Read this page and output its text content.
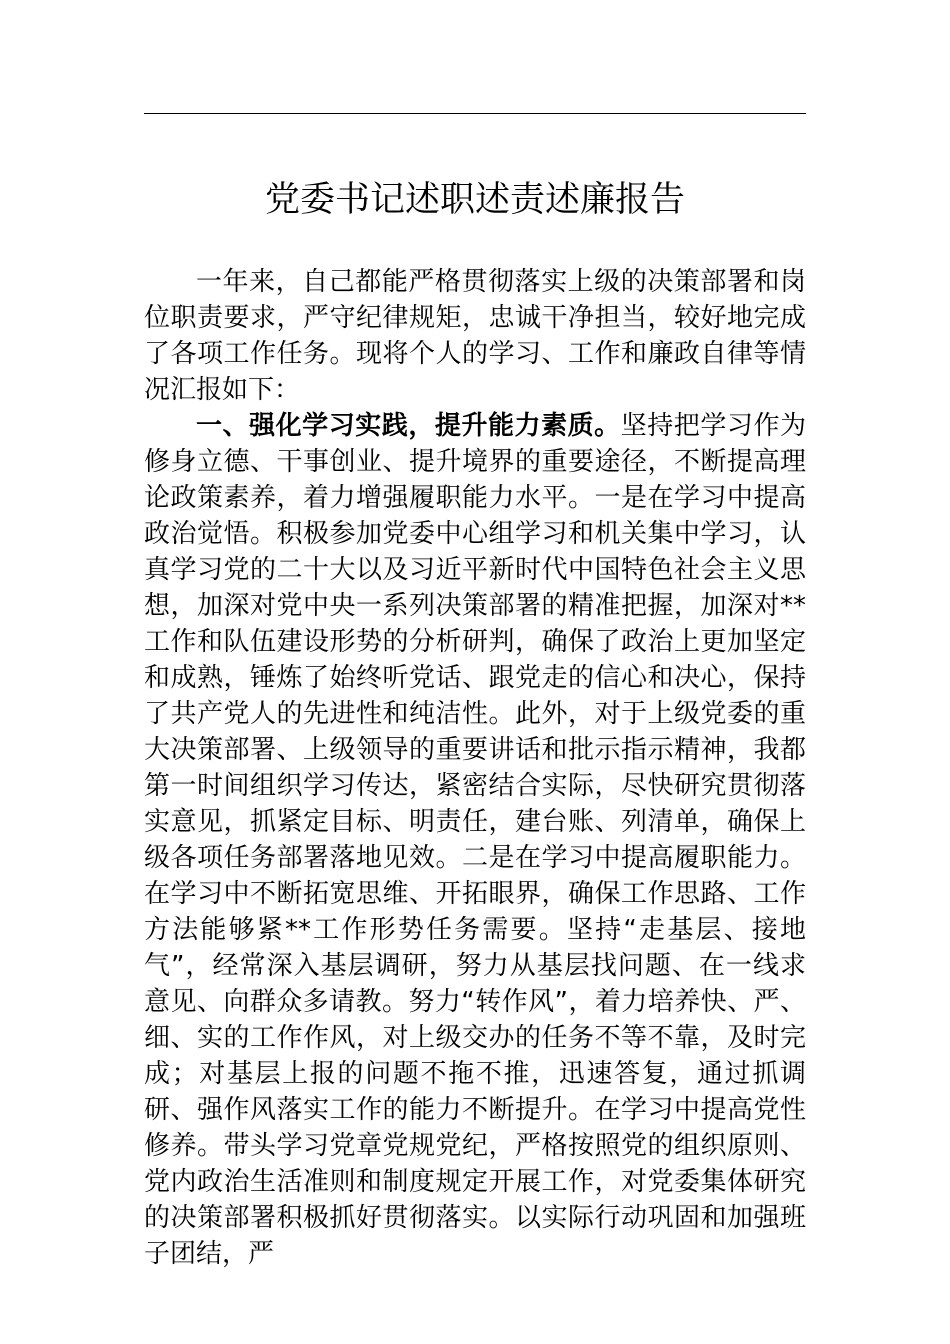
党委书记述职述责述廉报告

一年来，自己都能严格贯彻落实上级的决策部署和岗位职责要求，严守纪律规矩，忠诚干净担当，较好地完成了各项工作任务。现将个人的学习、工作和廉政自律等情况汇报如下：

一、强化学习实践，提升能力素质。坚持把学习作为修身立德、干事创业、提升境界的重要途径，不断提高理论政策素养，着力增强履职能力水平。一是在学习中提高政治觉悟。积极参加党委中心组学习和机关集中学习，认真学习党的二十大以及习近平新时代中国特色社会主义思想，加深对党中央一系列决策部署的精准把握，加深对**工作和队伍建设形势的分析研判，确保了政治上更加坚定和成熟，锤炼了始终听党话、跟党走的信心和决心，保持了共产党人的先进性和纯洁性。此外，对于上级党委的重大决策部署、上级领导的重要讲话和批示指示精神，我都第一时间组织学习传达，紧密结合实际，尽快研究贯彻落实意见，抓紧定目标、明责任，建台账、列清单，确保上级各项任务部署落地见效。二是在学习中提高履职能力。在学习中不断拓宽思维、开拓眼界，确保工作思路、工作方法能够紧**工作形势任务需要。坚持“走基层、接地气”，经常深入基层调研，努力从基层找问题、在一线求意见、向群众多请教。努力“转作风”，着力培养快、严、细、实的工作作风，对上级交办的任务不等不靠，及时完成；对基层上报的问题不拖不推，迅速答复，通过抓调研、强作风落实工作的能力不断提升。在学习中提高党性修养。带头学习党章党规党纪，严格按照党的组织原则、党内政治生活准则和制度规定开展工作，对党委集体研究的决策部署积极抓好贯彻落实。以实际行动巩固和加强班子团结，严
